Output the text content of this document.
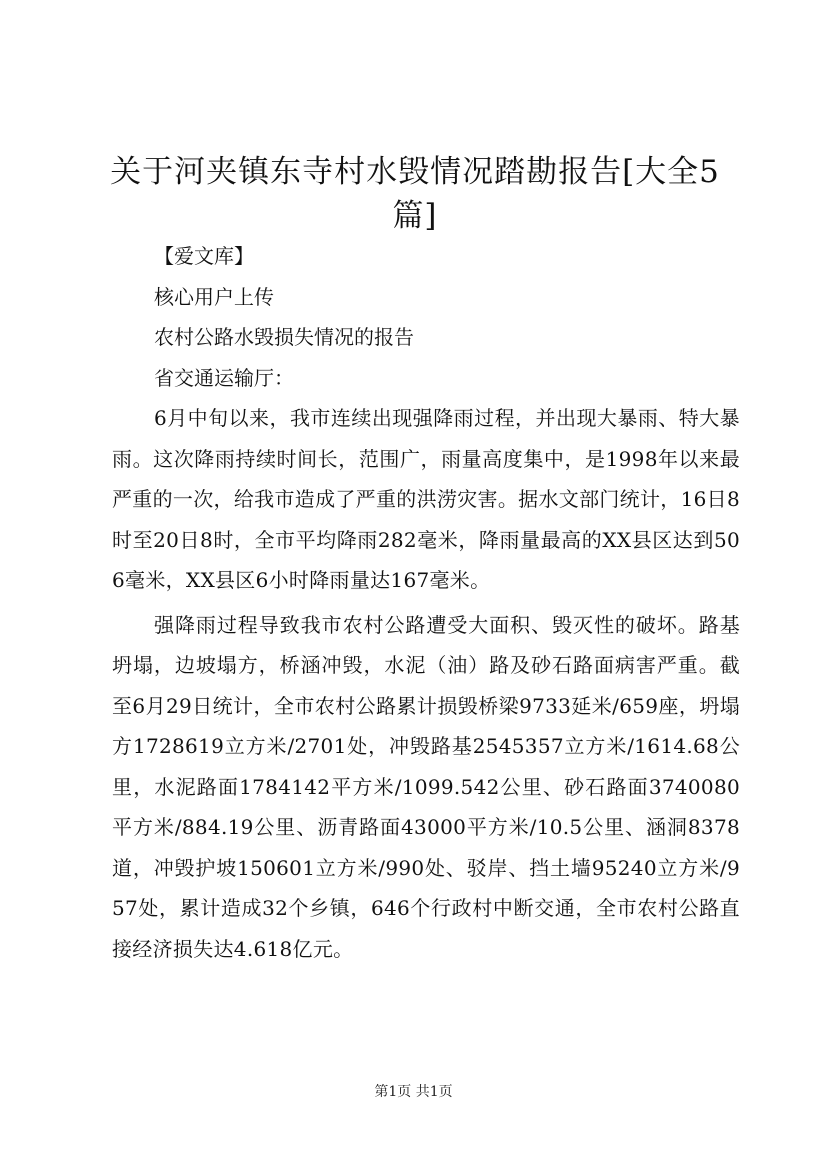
关于河夹镇东寺村水毁情况踏勘报告[大全5篇]

【爱文库】

核心用户上传

农村公路水毁损失情况的报告

省交通运输厅：

6月中旬以来，我市连续出现强降雨过程，并出现大暴雨、特大暴雨。这次降雨持续时间长，范围广，雨量高度集中，是1998年以来最严重的一次，给我市造成了严重的洪涝灾害。据水文部门统计，16日8时至20日8时，全市平均降雨282毫米，降雨量最高的XX县区达到506毫米，XX县区6小时降雨量达167毫米。

强降雨过程导致我市农村公路遭受大面积、毁灭性的破坏。路基坍塌，边坡塌方，桥涵冲毁，水泥（油）路及砂石路面病害严重。截至6月29日统计，全市农村公路累计损毁桥梁9733延米/659座，坍塌方1728619立方米/2701处，冲毁路基2545357立方米/1614.68公里，水泥路面1784142平方米/1099.542公里、砂石路面3740080平方米/884.19公里、沥青路面43000平方米/10.5公里、涵洞8378道，冲毁护坡150601立方米/990处、驳岸、挡土墙95240立方米/957处，累计造成32个乡镇，646个行政村中断交通，全市农村公路直接经济损失达4.618亿元。

第1页 共1页
